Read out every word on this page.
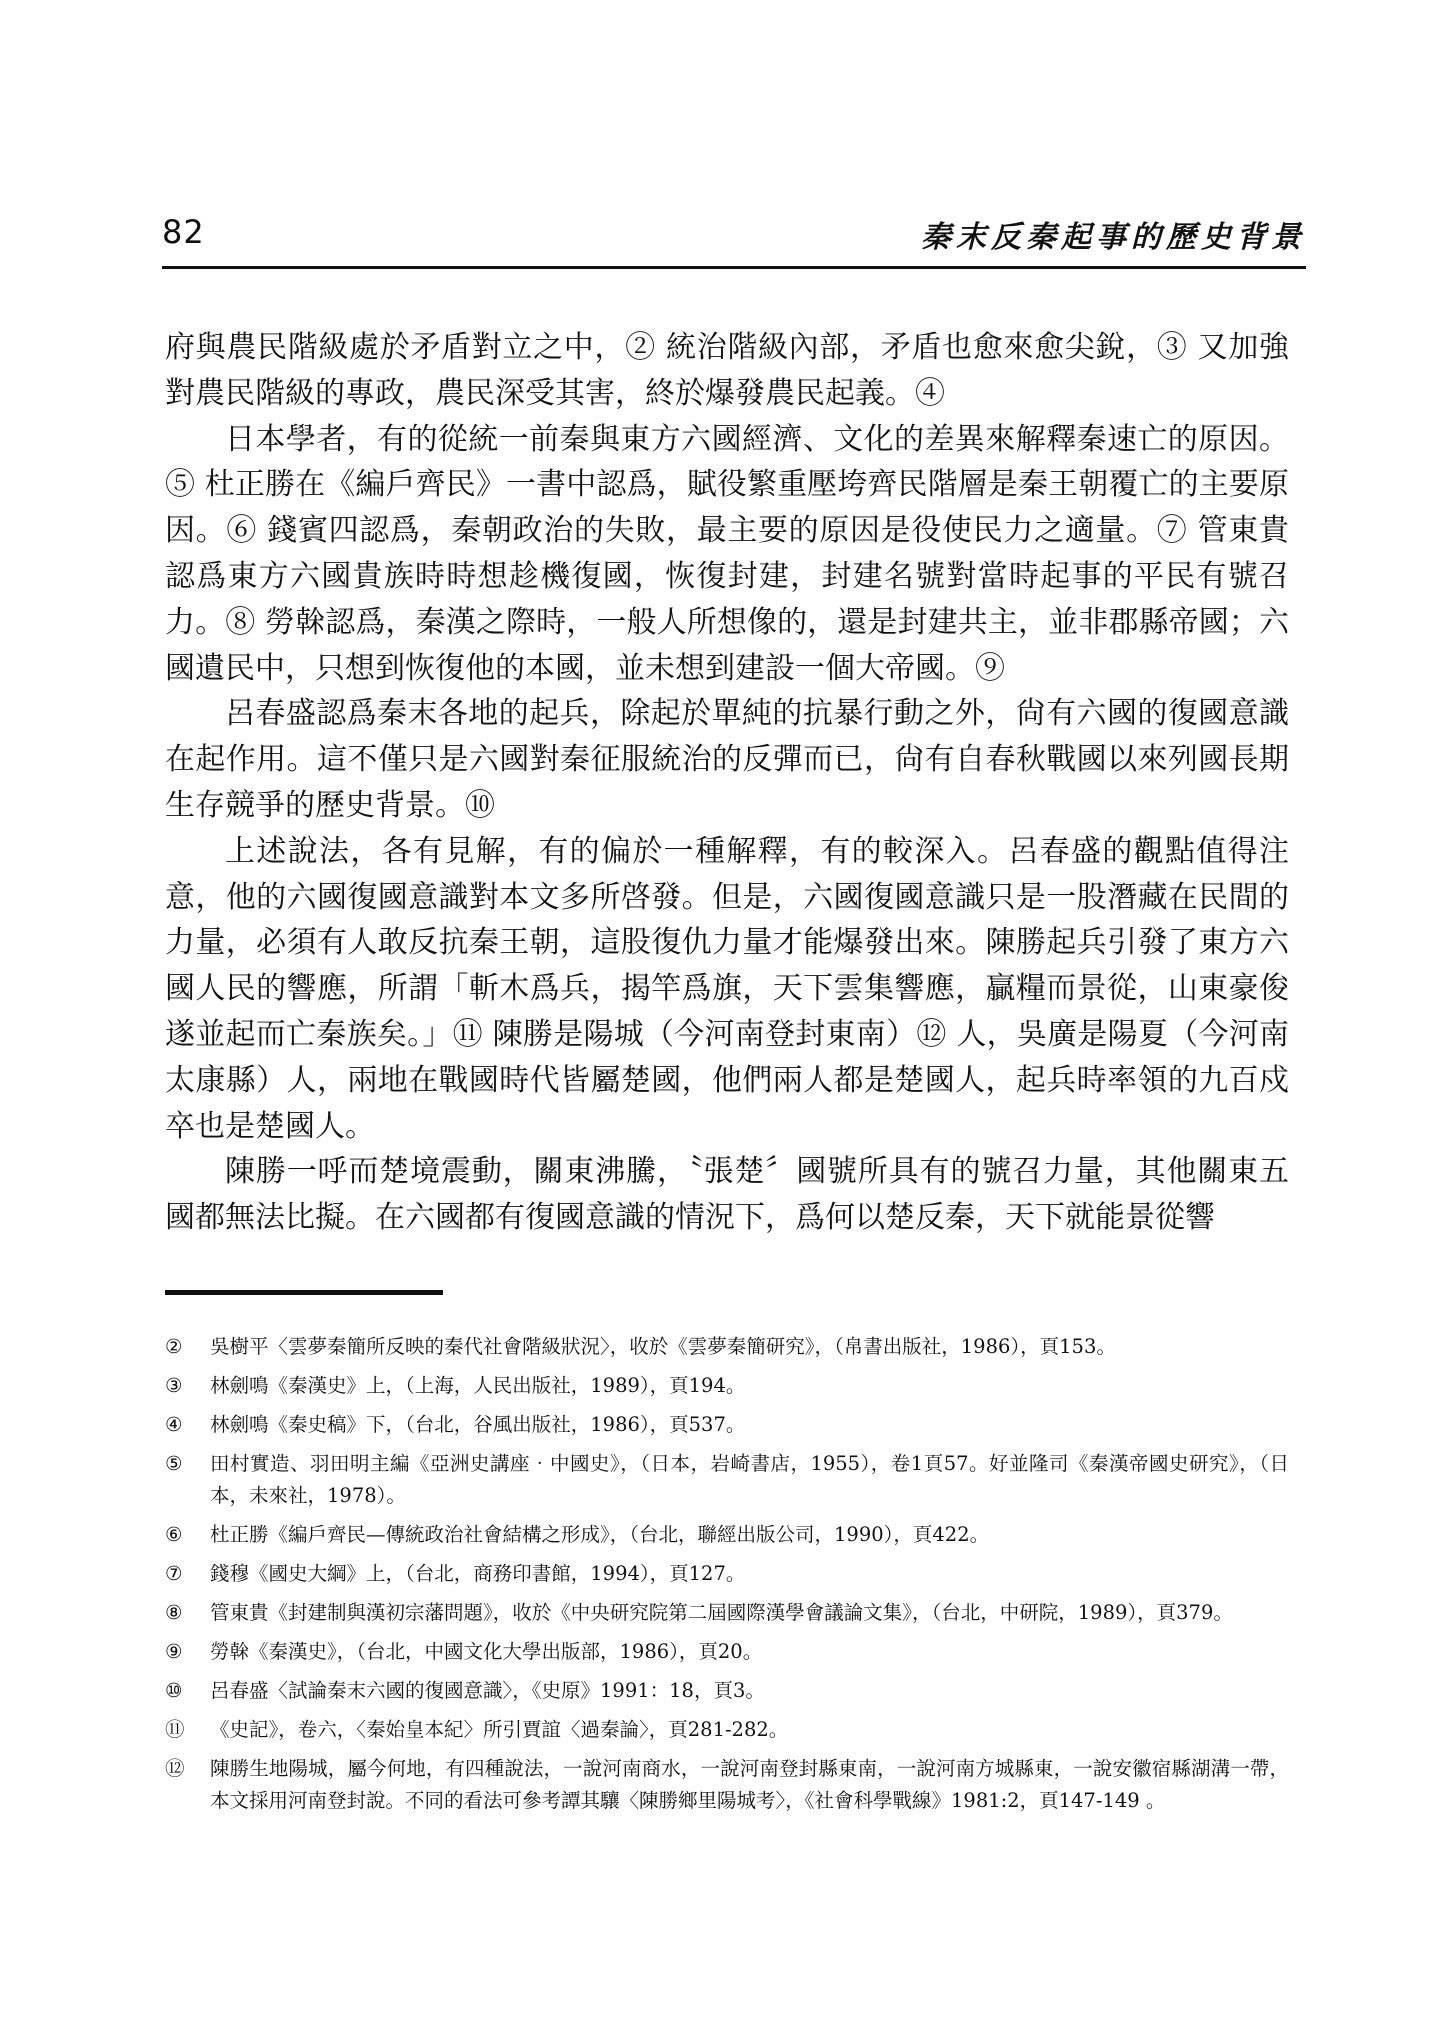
82	秦末反秦起事的歷史背景

府與農民階級處於矛盾對立之中，② 統治階級內部，矛盾也愈來愈尖銳，③ 又加強對農民階級的專政，農民深受其害，終於爆發農民起義。④

日本學者，有的從統一前秦與東方六國經濟、文化的差異來解釋秦速亡的原因。⑤ 杜正勝在《編戶齊民》一書中認爲，賦役繁重壓垮齊民階層是秦王朝覆亡的主要原因。⑥ 錢賓四認爲，秦朝政治的失敗，最主要的原因是役使民力之適量。⑦ 管東貴認爲東方六國貴族時時想趁機復國，恢復封建，封建名號對當時起事的平民有號召力。⑧ 勞榦認爲，秦漢之際時，一般人所想像的，還是封建共主，並非郡縣帝國；六國遺民中，只想到恢復他的本國，並未想到建設一個大帝國。⑨

呂春盛認爲秦末各地的起兵，除起於單純的抗暴行動之外，尙有六國的復國意識在起作用。這不僅只是六國對秦征服統治的反彈而已，尙有自春秋戰國以來列國長期生存競爭的歷史背景。⑩

上述說法，各有見解，有的偏於一種解釋，有的較深入。呂春盛的觀點值得注意，他的六國復國意識對本文多所啓發。但是，六國復國意識只是一股潛藏在民間的力量，必須有人敢反抗秦王朝，這股復仇力量才能爆發出來。陳勝起兵引發了東方六國人民的響應，所謂「斬木爲兵，揭竿爲旗，天下雲集響應，贏糧而景從，山東豪俊遂並起而亡秦族矣。」⑪ 陳勝是陽城（今河南登封東南）⑫ 人，吳廣是陽夏（今河南太康縣）人，兩地在戰國時代皆屬楚國，他們兩人都是楚國人，起兵時率領的九百戍卒也是楚國人。

陳勝一呼而楚境震動，關東沸騰，〝張楚〞國號所具有的號召力量，其他關東五國都無法比擬。在六國都有復國意識的情況下，爲何以楚反秦，天下就能景從響

②	吳樹平〈雲夢秦簡所反映的秦代社會階級狀況〉，收於《雲夢秦簡研究》，（帛書出版社，1986），頁153。
③	林劍鳴《秦漢史》上，（上海，人民出版社，1989），頁194。
④	林劍鳴《秦史稿》下，（台北，谷風出版社，1986），頁537。
⑤	田村實造、羽田明主編《亞洲史講座‧中國史》，（日本，岩崎書店，1955），卷1頁57。好並隆司《秦漢帝國史研究》，（日本，未來社，1978）。
⑥	杜正勝《編戶齊民—傳統政治社會結構之形成》，（台北，聯經出版公司，1990），頁422。
⑦	錢穆《國史大綱》上，（台北，商務印書館，1994），頁127。
⑧	管東貴《封建制與漢初宗藩問題》，收於《中央研究院第二屆國際漢學會議論文集》，（台北，中研院，1989），頁379。
⑨	勞榦《秦漢史》，（台北，中國文化大學出版部，1986），頁20。
⑩	呂春盛〈試論秦末六國的復國意識〉，《史原》1991：18，頁3。
⑪	《史記》，卷六，〈秦始皇本紀〉所引賈誼〈過秦論〉，頁281-282。
⑫	陳勝生地陽城，屬今何地，有四種說法，一說河南商水，一說河南登封縣東南，一說河南方城縣東，一說安徽宿縣湖溝一帶，本文採用河南登封說。不同的看法可參考譚其驤〈陳勝鄉里陽城考〉，《社會科學戰線》1981:2，頁147-149 。
